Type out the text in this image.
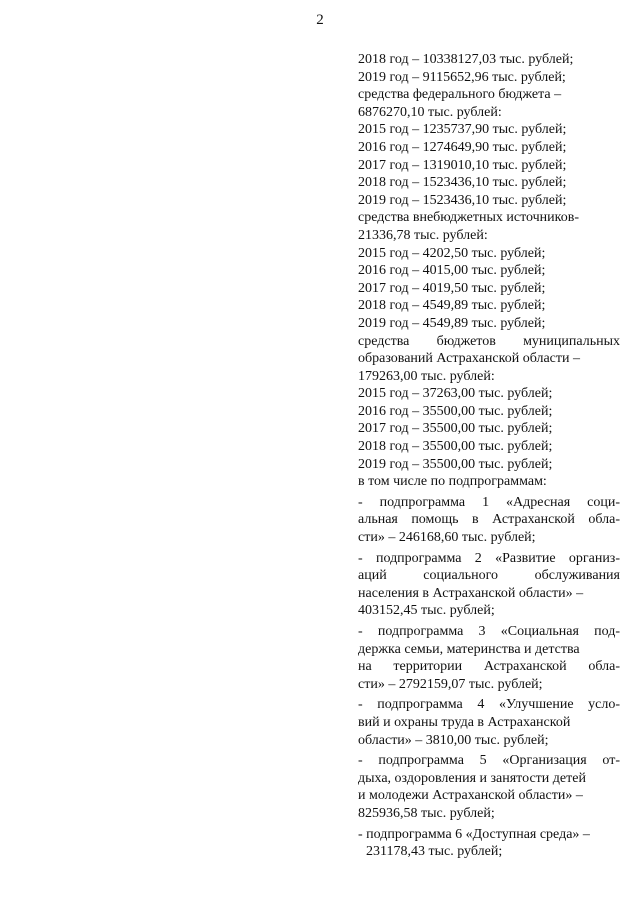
2
2018 год – 10338127,03 тыс. рублей;
2019 год – 9115652,96 тыс. рублей;
средства федерального бюджета –
6876270,10 тыс. рублей:
2015 год – 1235737,90 тыс. рублей;
2016 год – 1274649,90 тыс. рублей;
2017 год – 1319010,10 тыс. рублей;
2018 год – 1523436,10 тыс. рублей;
2019 год – 1523436,10 тыс. рублей;
средства внебюджетных источников-
21336,78 тыс. рублей:
2015 год – 4202,50 тыс. рублей;
2016 год – 4015,00 тыс. рублей;
2017 год – 4019,50 тыс. рублей;
2018 год – 4549,89 тыс. рублей;
2019 год – 4549,89 тыс. рублей;
средства бюджетов муниципальных
образований Астраханской области –
179263,00 тыс. рублей:
2015 год – 37263,00 тыс. рублей;
2016 год – 35500,00 тыс. рублей;
2017 год – 35500,00 тыс. рублей;
2018 год – 35500,00 тыс. рублей;
2019 год – 35500,00 тыс. рублей;
в том числе по подпрограммам:
- подпрограмма 1 «Адресная соци-
альная помощь в Астраханской обла-
сти» – 246168,60 тыс. рублей;
- подпрограмма 2 «Развитие организ-
аций социального обслуживания
населения в Астраханской области» –
403152,45 тыс. рублей;
- подпрограмма 3 «Социальная под-
держка семьи, материнства и детства
на территории Астраханской обла-
сти» – 2792159,07 тыс. рублей;
- подпрограмма 4 «Улучшение усло-
вий и охраны труда в Астраханской
области» – 3810,00 тыс. рублей;
- подпрограмма 5 «Организация от-
дыха, оздоровления и занятости детей
и молодежи Астраханской области» –
825936,58 тыс. рублей;
- подпрограмма 6 «Доступная среда» –
231178,43 тыс. рублей;
